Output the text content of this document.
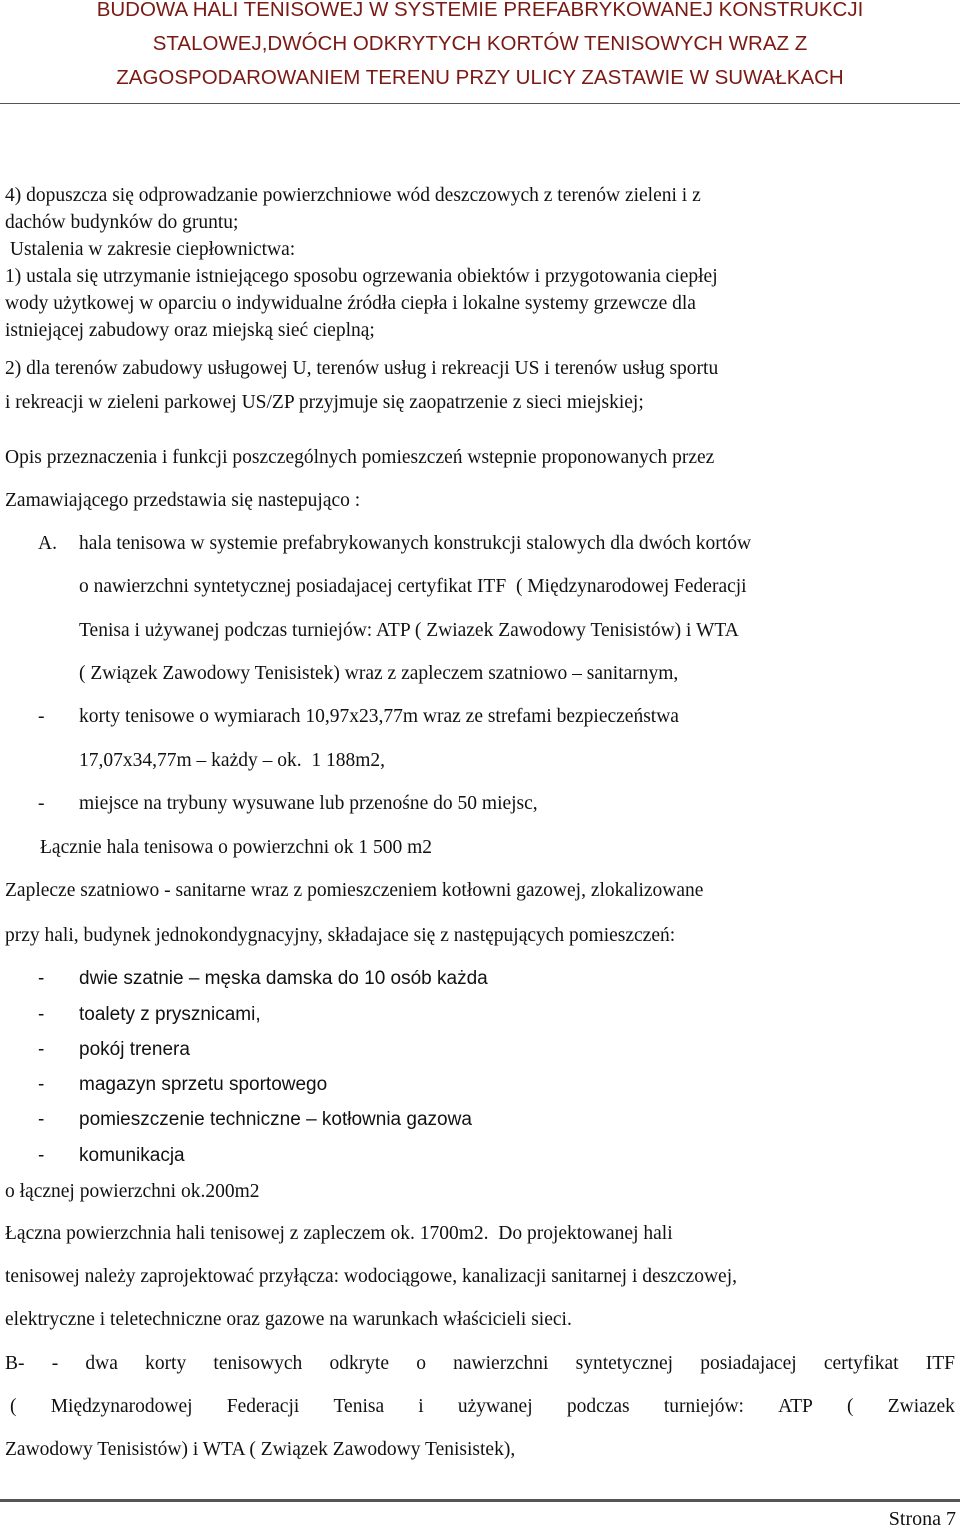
BUDOWA HALI TENISOWEJ W SYSTEMIE PREFABRYKOWANEJ KONSTRUKCJI
STALOWEJ,DWÓCH ODKRYTYCH KORTÓW TENISOWYCH WRAZ Z
ZAGOSPODAROWANIEM TERENU PRZY ULICY ZASTAWIE W SUWAŁKACH
4) dopuszcza się odprowadzanie powierzchniowe wód deszczowych z terenów zieleni i z
dachów budynków do gruntu;
Ustalenia w zakresie ciepłownictwa:
1) ustala się utrzymanie istniejącego sposobu ogrzewania obiektów i przygotowania ciepłej
wody użytkowej w oparciu o indywidualne źródła ciepła i lokalne systemy grzewcze dla
istniejącej zabudowy oraz miejską sieć cieplną;
2) dla terenów zabudowy usługowej U, terenów usług i rekreacji US i terenów usług sportu
i rekreacji w zieleni parkowej US/ZP przyjmuje się zaopatrzenie z sieci miejskiej;
Opis przeznaczenia i funkcji poszczególnych pomieszczeń wstepnie proponowanych przez
Zamawiającego przedstawia się nastepująco :
A. hala tenisowa w systemie prefabrykowanych konstrukcji stalowych dla dwóch kortów
o nawierzchni syntetycznej posiadajacej certyfikat ITF  ( Międzynarodowej Federacji
Tenisa i używanej podczas turniejów: ATP ( Zwiazek Zawodowy Tenisistów) i WTA
( Związek Zawodowy Tenisistek) wraz z zapleczem szatniowo – sanitarnym,
- korty tenisowe o wymiarach 10,97x23,77m wraz ze strefami bezpieczeństwa
17,07x34,77m – każdy – ok.  1 188m2,
- miejsce na trybuny wysuwane lub przenośne do 50 miejsc,
Łącznie hala tenisowa o powierzchni ok 1 500 m2
Zaplecze szatniowo - sanitarne wraz z pomieszczeniem kotłowni gazowej, zlokalizowane
przy hali, budynek jednokondygnacyjny, składajace się z następujących pomieszczeń:
- dwie szatnie – męska damska do 10 osób każda
- toalety z prysznicami,
- pokój trenera
- magazyn sprzetu sportowego
- pomieszczenie techniczne – kotłownia gazowa
- komunikacja
o łącznej powierzchni ok.200m2
Łączna powierzchnia hali tenisowej z zapleczem ok. 1700m2.  Do projektowanej hali
tenisowej należy zaprojektować przyłącza: wodociągowe, kanalizacji sanitarnej i deszczowej,
elektryczne i teletechniczne oraz gazowe na warunkach właścicieli sieci.
B- - dwa korty tenisowych odkryte o nawierzchni syntetycznej posiadajacej certyfikat ITF
( Międzynarodowej Federacji Tenisa i używanej podczas turniejów: ATP ( Zwiazek
Zawodowy Tenisistów) i WTA ( Związek Zawodowy Tenisistek),
Strona 7
